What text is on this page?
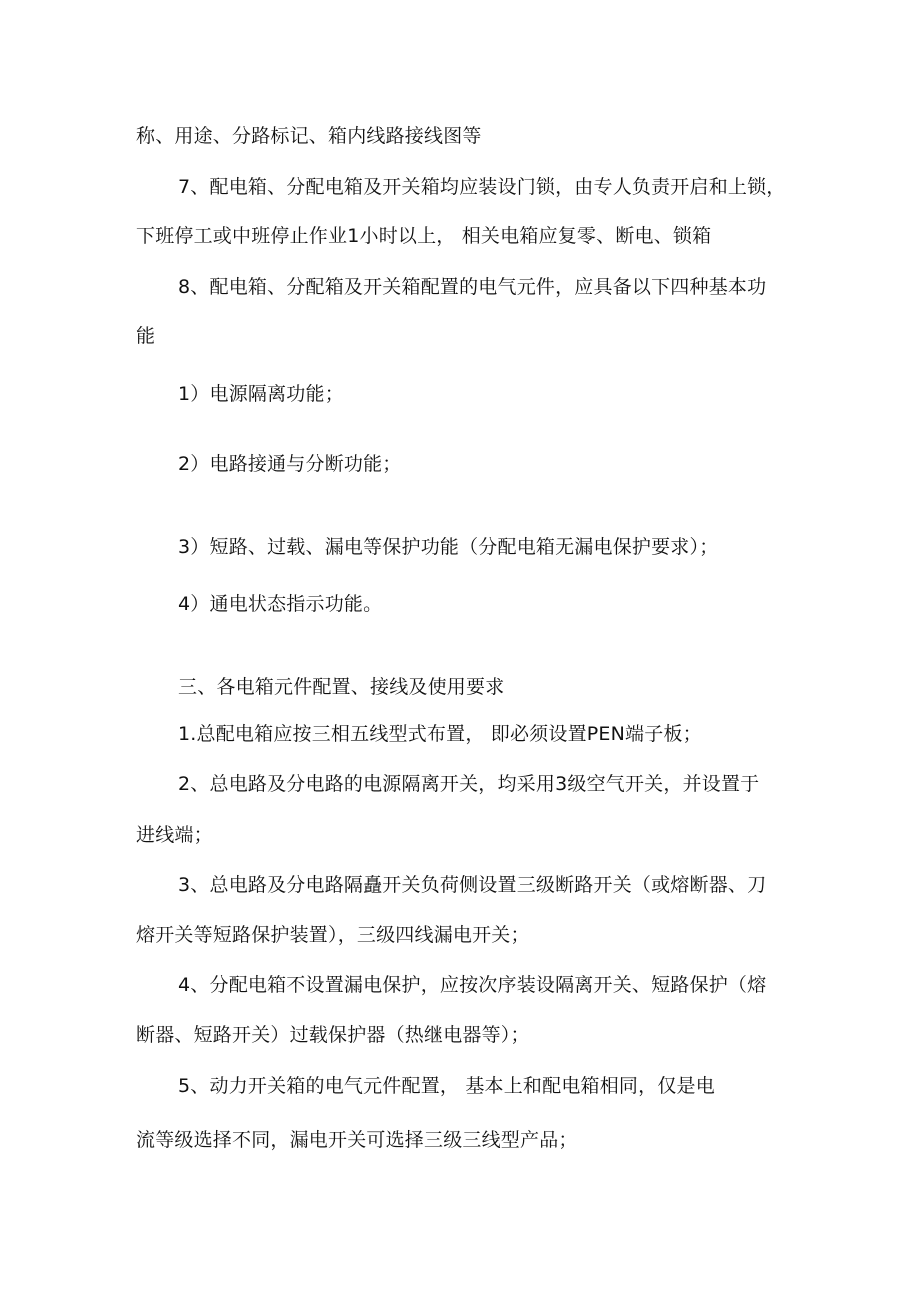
称、用途、分路标记、箱内线路接线图等
7、配电箱、分配电箱及开关箱均应装设门锁，由专人负责开启和上锁，
下班停工或中班停止作业1小时以上， 相关电箱应复零、断电、锁箱
8、配电箱、分配箱及开关箱配置的电气元件，应具备以下四种基本功
能
1）电源隔离功能；
2）电路接通与分断功能；
3）短路、过载、漏电等保护功能（分配电箱无漏电保护要求）；
4）通电状态指示功能。
三、各电箱元件配置、接线及使用要求
1.总配电箱应按三相五线型式布置， 即必须设置PEN端子板；
2、总电路及分电路的电源隔离开关，均采用3级空气开关，并设置于
进线端；
3、总电路及分电路隔矗开关负荷侧设置三级断路开关（或熔断器、刀
熔开关等短路保护装置），三级四线漏电开关；
4、分配电箱不设置漏电保护，应按次序装设隔离开关、短路保护（熔
断器、短路开关）过载保护器（热继电器等）；
5、动力开关箱的电气元件配置， 基本上和配电箱相同，仅是电
流等级选择不同，漏电开关可选择三级三线型产品；
